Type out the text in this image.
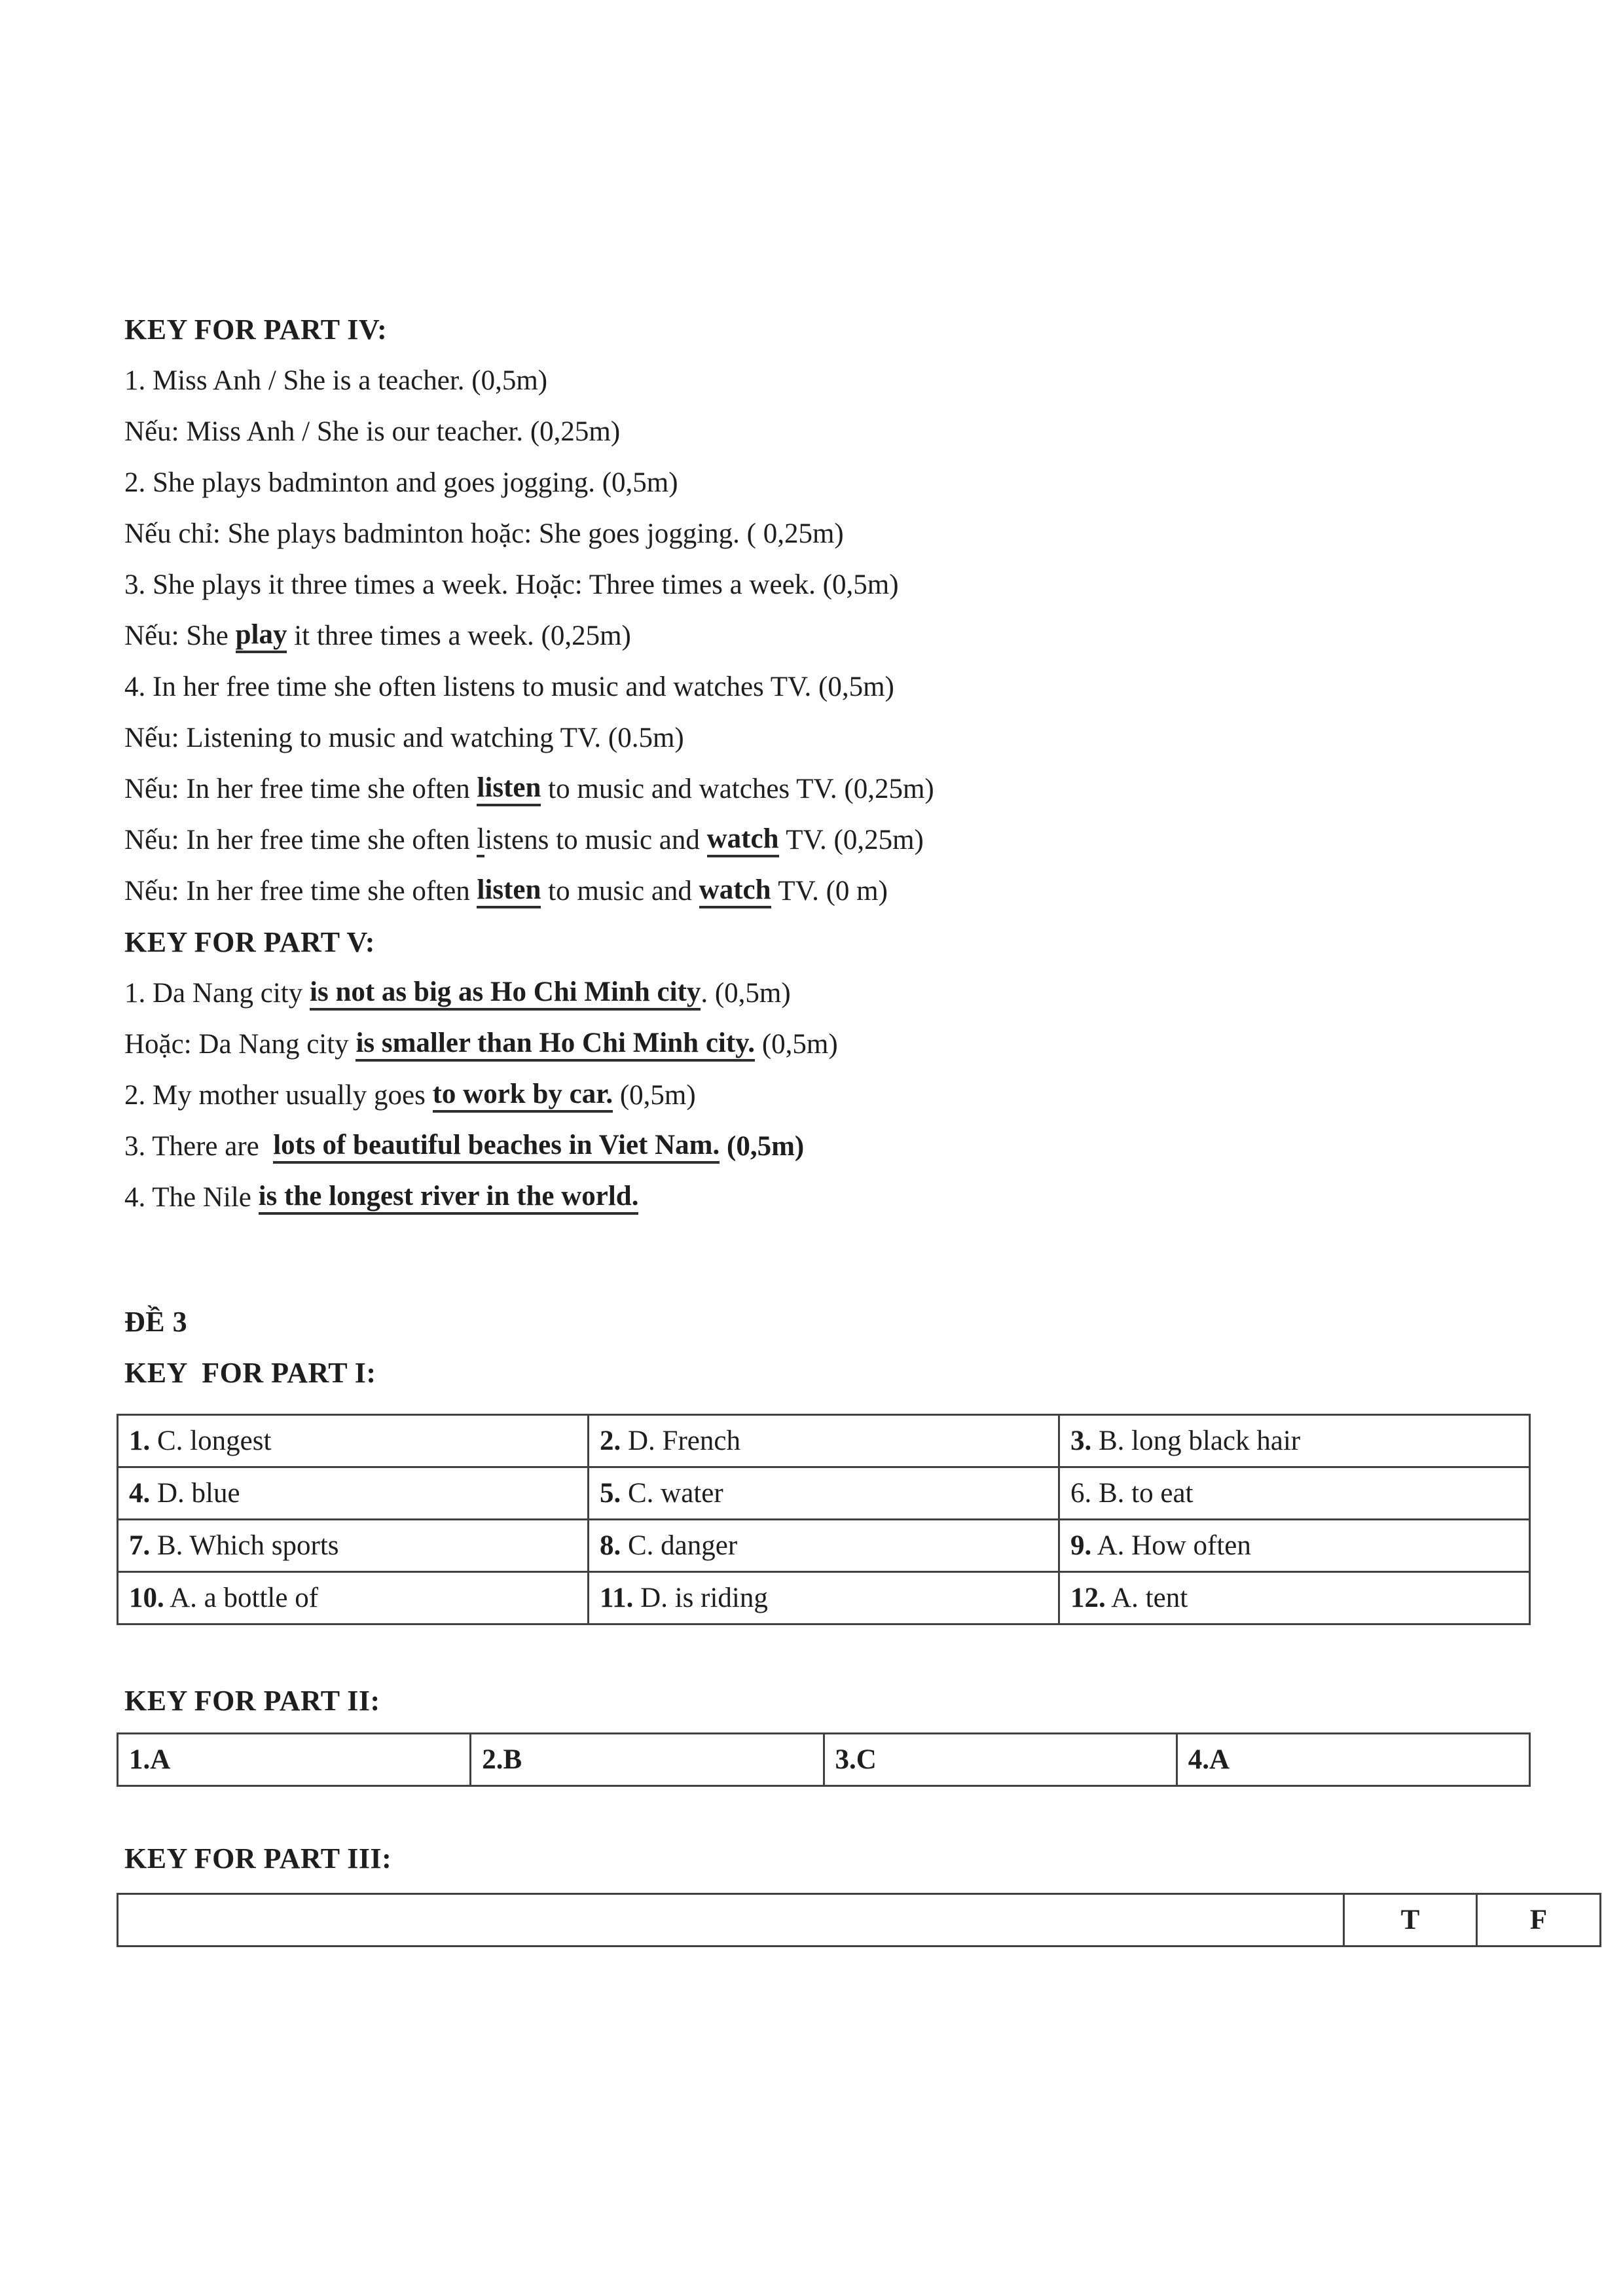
KEY FOR PART IV:
1. Miss Anh / She is a teacher. (0,5m)
Nếu: Miss Anh / She is our teacher. (0,25m)
2. She plays badminton and goes jogging. (0,5m)
Nếu chỉ: She plays badminton hoặc: She goes jogging. ( 0,25m)
3. She plays it three times a week. Hoặc: Three times a week. (0,5m)
Nếu: She play it three times a week. (0,25m)
4. In her free time she often listens to music and watches TV. (0,5m)
Nếu: Listening to music and watching TV. (0.5m)
Nếu: In her free time she often listen to music and watches TV. (0,25m)
Nếu: In her free time she often l istens to music and watch TV. (0,25m)
Nếu: In her free time she often listen to music and watch TV. (0 m)
KEY FOR PART V:
1. Da Nang city is not as big as Ho Chi Minh city . (0,5m)
Hoặc: Da Nang city is smaller than Ho Chi Minh city. (0,5m)
2. My mother usually goes to work by car. (0,5m)
3. There are lots of beautiful beaches in Viet Nam.
(0,5m)
4. The Nile is the longest river in the world.
ĐỀ 3
KEY  FOR PART I:
1. C. longest	2. D. French	3. B. long black hair
4. D. blue	5. C. water	6. B. to eat
7. B. Which sports	8. C. danger	9. A. How often
10. A. a bottle of	11. D. is riding	12. A. tent
KEY FOR PART II:
1.A	2.B	3.C	4.A
KEY FOR PART III:
	T	F
